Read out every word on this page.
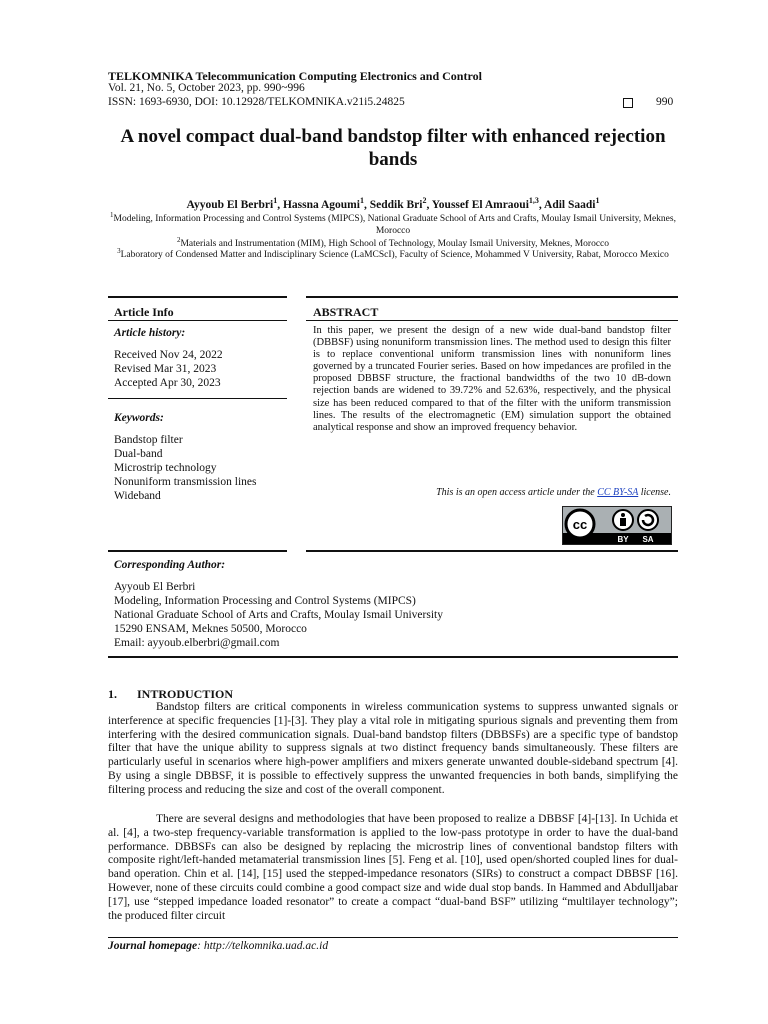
TELKOMNIKA Telecommunication Computing Electronics and Control
Vol. 21, No. 5, October 2023, pp. 990~996
ISSN: 1693-6930, DOI: 10.12928/TELKOMNIKA.v21i5.24825	990
A novel compact dual-band bandstop filter with enhanced rejection bands
Ayyoub El Berbri$^1$, Hassna Agoumi$^1$, Seddik Bri$^2$, Youssef El Amraoui$^{1,3}$, Adil Saadi$^1$
$^1$Modeling, Information Processing and Control Systems (MIPCS), National Graduate School of Arts and Crafts, Moulay Ismail University, Meknes, Morocco
$^2$Materials and Instrumentation (MIM), High School of Technology, Moulay Ismail University, Meknes, Morocco
$^3$Laboratory of Condensed Matter and Indisciplinary Science (LaMCScI), Faculty of Science, Mohammed V University, Rabat, Morocco Mexico
Article Info	ABSTRACT
Article history:
Received Nov 24, 2022
Revised Mar 31, 2023
Accepted Apr 30, 2023
Keywords:
Bandstop filter
Dual-band
Microstrip technology
Nonuniform transmission lines
Wideband
In this paper, we present the design of a new wide dual-band bandstop filter (DBBSF) using nonuniform transmission lines. The method used to design this filter is to replace conventional uniform transmission lines with nonuniform lines governed by a truncated Fourier series. Based on how impedances are profiled in the proposed DBBSF structure, the fractional bandwidths of the two 10 dB-down rejection bands are widened to 39.72% and 52.63%, respectively, and the physical size has been reduced compared to that of the filter with the uniform transmission lines. The results of the electromagnetic (EM) simulation support the obtained analytical response and show an improved frequency behavior.
This is an open access article under the CC BY-SA license.
cc
BY SA
Corresponding Author:
Ayyoub El Berbri
Modeling, Information Processing and Control Systems (MIPCS)
National Graduate School of Arts and Crafts, Moulay Ismail University
15290 ENSAM, Meknes 50500, Morocco
Email: ayyoub.elberbri@gmail.com
1. INTRODUCTION
Bandstop filters are critical components in wireless communication systems to suppress unwanted signals or interference at specific frequencies [1]-[3]. They play a vital role in mitigating spurious signals and preventing them from interfering with the desired communication signals. Dual-band bandstop filters (DBBSFs) are a specific type of bandstop filter that have the unique ability to suppress signals at two distinct frequency bands simultaneously. These filters are particularly useful in scenarios where high-power amplifiers and mixers generate unwanted double-sideband spectrum [4]. By using a single DBBSF, it is possible to effectively suppress the unwanted frequencies in both bands, simplifying the filtering process and reducing the size and cost of the overall component.
There are several designs and methodologies that have been proposed to realize a DBBSF [4]-[13]. In Uchida et al. [4], a two-step frequency-variable transformation is applied to the low-pass prototype in order to have the dual-band performance. DBBSFs can also be designed by replacing the microstrip lines of conventional bandstop filters with composite right/left-handed metamaterial transmission lines [5]. Feng et al. [10], used open/shorted coupled lines for dual-band operation. Chin et al. [14], [15] used the stepped-impedance resonators (SIRs) to construct a compact DBBSF [16]. However, none of these circuits could combine a good compact size and wide dual stop bands. In Hammed and Abdulljabar [17], use “stepped impedance loaded resonator” to create a compact “dual-band BSF” utilizing “multilayer technology”; the produced filter circuit
Journal homepage: http://telkomnika.uad.ac.id
